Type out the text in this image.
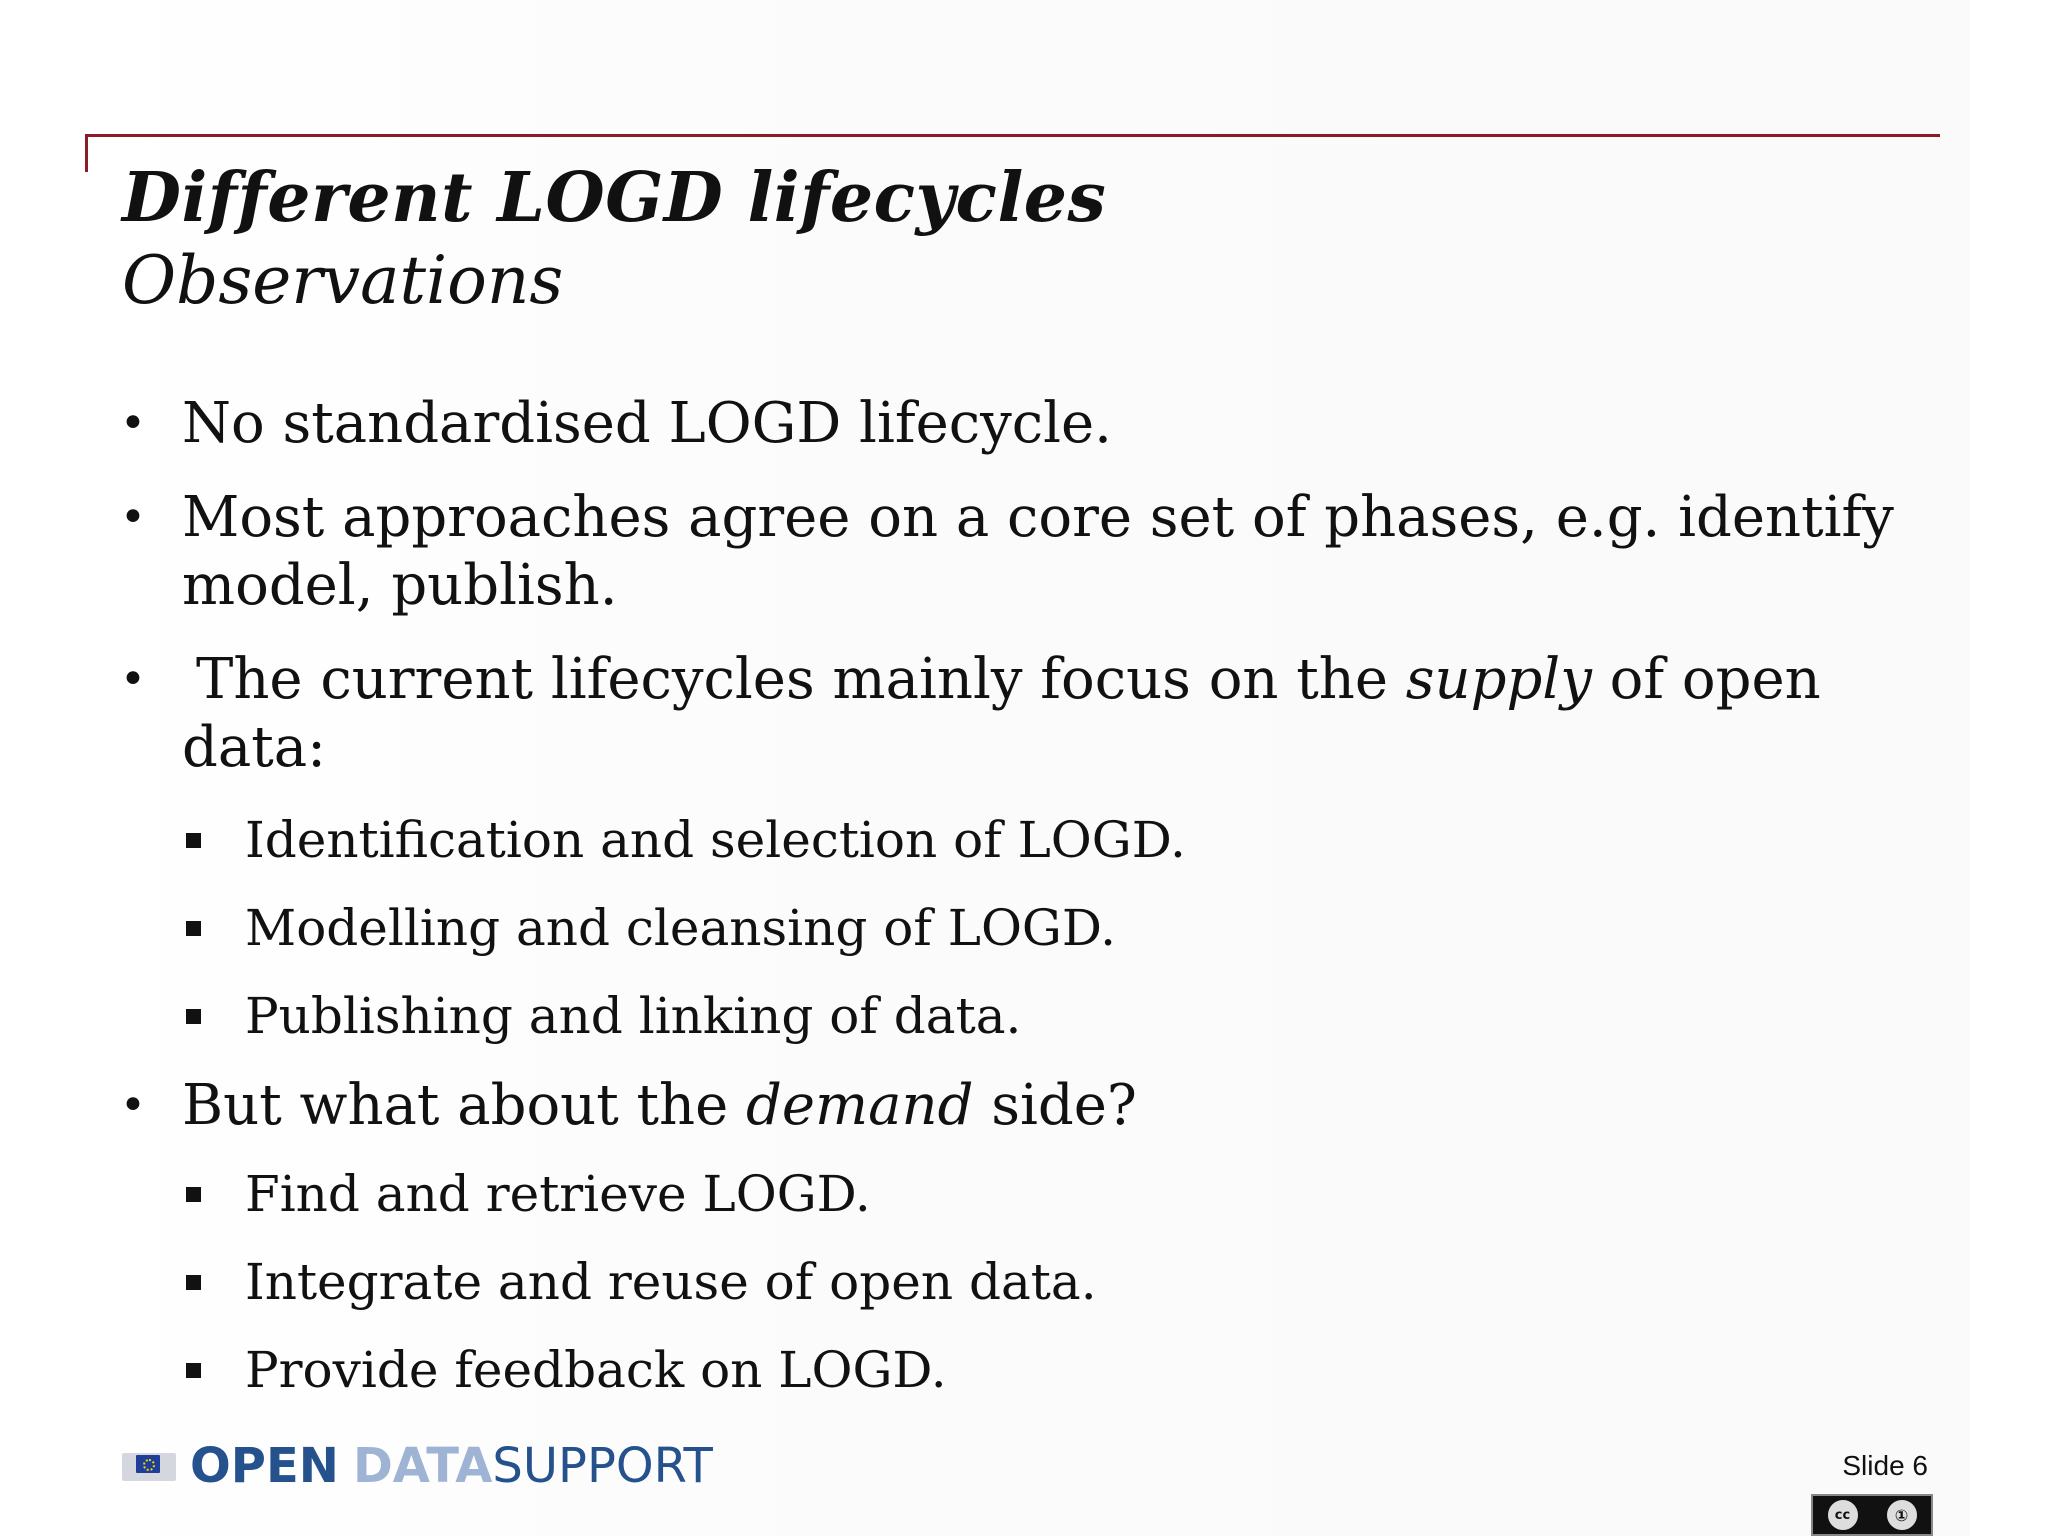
Different LOGD lifecycles
Observations
• No standardised LOGD lifecycle.
• Most approaches agree on a core set of phases, e.g. identify model, publish.
• The current lifecycles mainly focus on the supply of open data:
Identification and selection of LOGD.
Modelling and cleansing of LOGD.
Publishing and linking of data.
• But what about the demand side?
Find and retrieve LOGD.
Integrate and reuse of open data.
Provide feedback on LOGD.
OPEN DATA SUPPORT	Slide 6
cc
①
